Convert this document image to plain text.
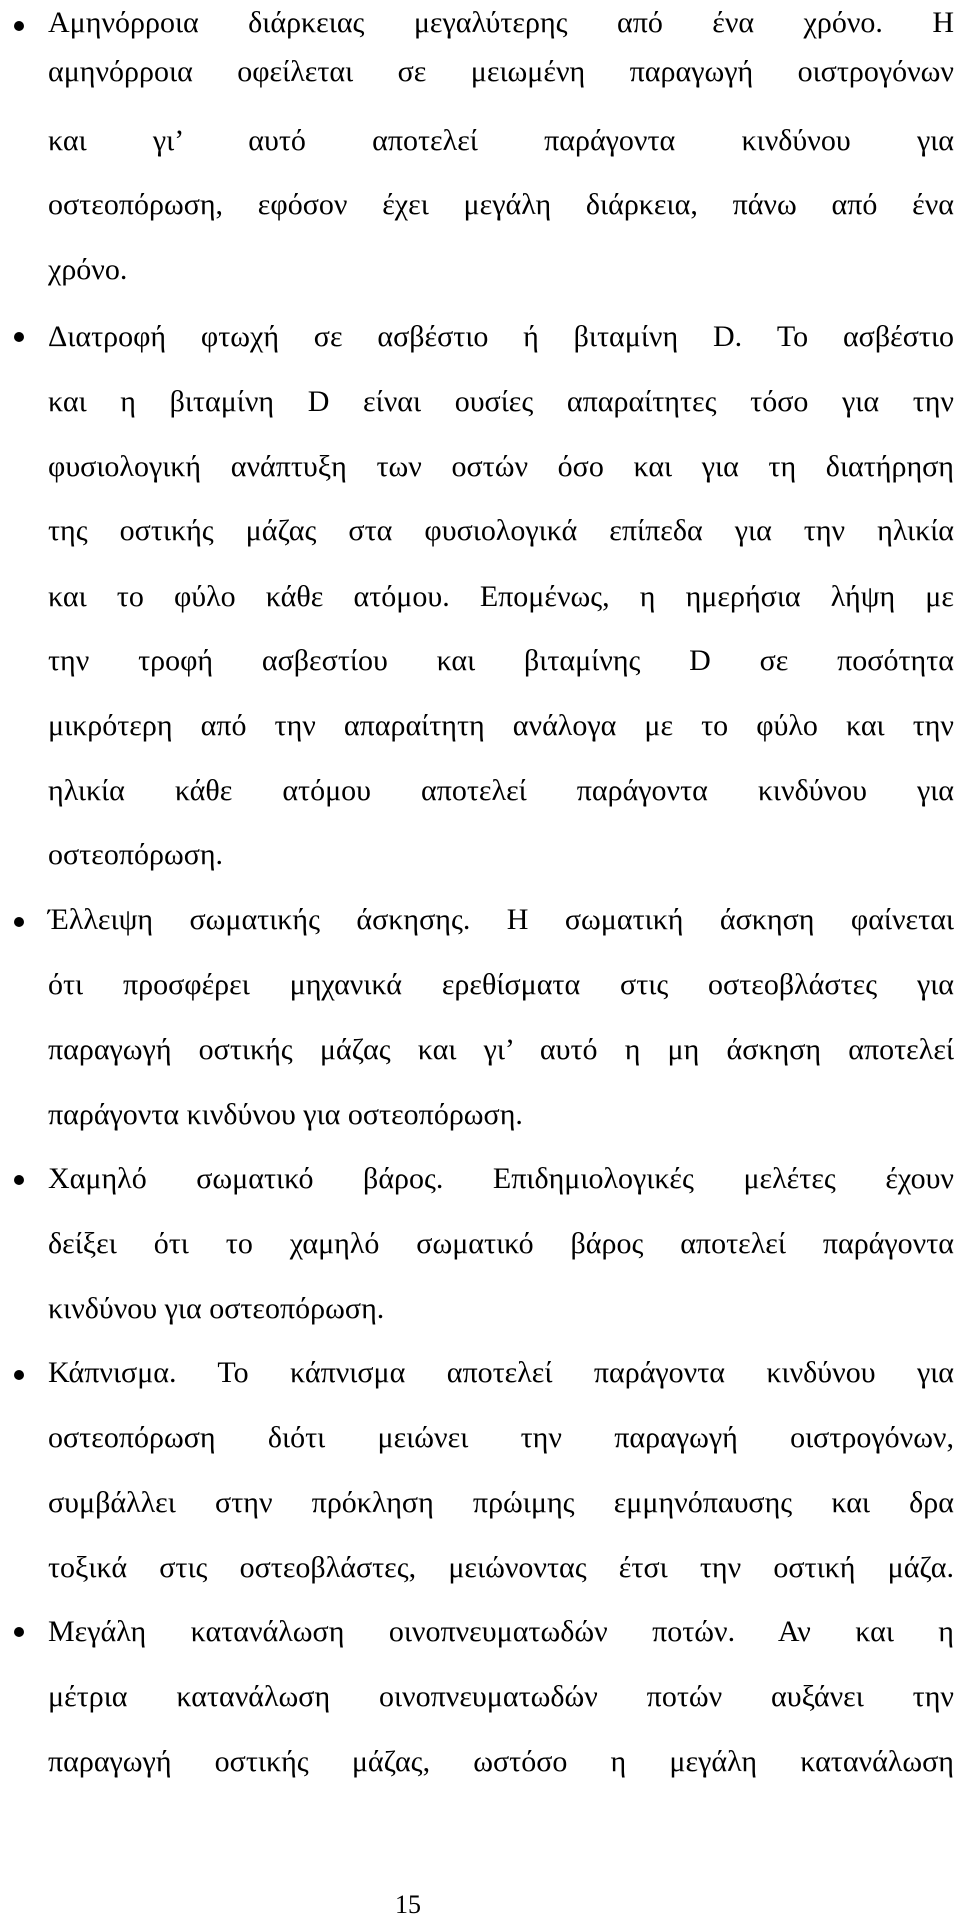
Αμηνόρροια διάρκειας μεγαλύτερης από ένα χρόνο. Η
αμηνόρροια οφείλεται σε μειωμένη παραγωγή οιστρογόνων
και γι’ αυτό αποτελεί παράγοντα κινδύνου για
οστεοπόρωση, εφόσον έχει μεγάλη διάρκεια, πάνω από ένα
χρόνο.
Διατροφή φτωχή σε ασβέστιο ή βιταμίνη D. Το ασβέστιο
και η βιταμίνη D είναι ουσίες απαραίτητες τόσο για την
φυσιολογική ανάπτυξη των οστών όσο και για τη διατήρηση
της οστικής μάζας στα φυσιολογικά επίπεδα για την ηλικία
και το φύλο κάθε ατόμου. Επομένως, η ημερήσια λήψη με
την τροφή ασβεστίου και βιταμίνης D σε ποσότητα
μικρότερη από την απαραίτητη ανάλογα με το φύλο και την
ηλικία κάθε ατόμου αποτελεί παράγοντα κινδύνου για
οστεοπόρωση.
Έλλειψη σωματικής άσκησης. Η σωματική άσκηση φαίνεται
ότι προσφέρει μηχανικά ερεθίσματα στις οστεοβλάστες για
παραγωγή οστικής μάζας και γι’ αυτό η μη άσκηση αποτελεί
παράγοντα κινδύνου για οστεοπόρωση.
Χαμηλό σωματικό βάρος. Επιδημιολογικές μελέτες έχουν
δείξει ότι το χαμηλό σωματικό βάρος αποτελεί παράγοντα
κινδύνου για οστεοπόρωση.
Κάπνισμα. Το κάπνισμα αποτελεί παράγοντα κινδύνου για
οστεοπόρωση διότι μειώνει την παραγωγή οιστρογόνων,
συμβάλλει στην πρόκληση πρώιμης εμμηνόπαυσης και δρα
τοξικά στις οστεοβλάστες, μειώνοντας έτσι την οστική μάζα.
Μεγάλη κατανάλωση οινοπνευματωδών ποτών. Αν και η
μέτρια κατανάλωση οινοπνευματωδών ποτών αυξάνει την
παραγωγή οστικής μάζας, ωστόσο η μεγάλη κατανάλωση
15
